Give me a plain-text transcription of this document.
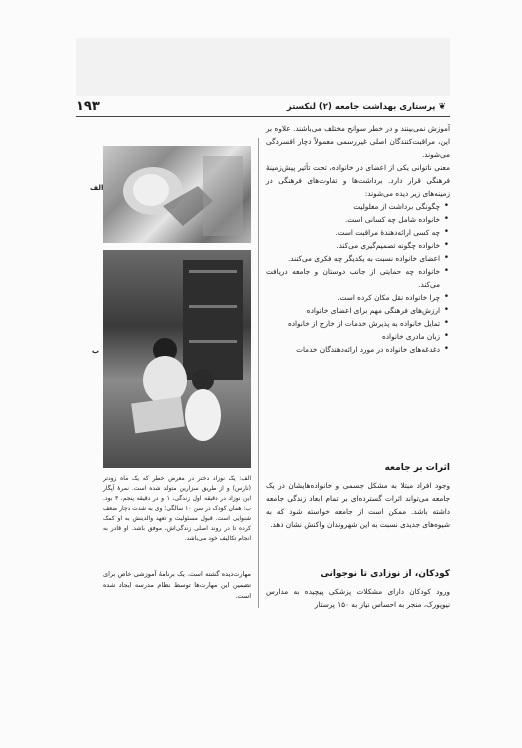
❦پرستاری بهداشت جامعه (۲) لنکستر
۱۹۳

آموزش نمی‌بینند و در خطر سوانح مختلف می‌باشند. علاوه بر این، مراقبت‌کنندگان اصلی غیررسمی معمولاً دچار افسردگی می‌شوند.

معنی ناتوانی یکی از اعضای در خانواده، تحت تأثیر پیش‌زمینهٔ فرهنگی قرار دارد. برداشت‌ها و تفاوت‌های فرهنگی در زمینه‌های زیر دیده می‌شوند:

• چگونگی برداشت از معلولیت
• خانواده شامل چه کسانی است.
• چه کسی ارائه‌دهندهٔ مراقبت است.
• خانواده چگونه تصمیم‌گیری می‌کند.
• اعضای خانواده نسبت به یکدیگر چه فکری می‌کنند.
• خانواده چه حمایتی از جانب دوستان و جامعه دریافت می‌کند.
• چرا خانواده نقل مکان کرده است.
• ارزش‌های فرهنگی مهم برای اعضای خانواده
• تمایل خانواده به پذیرش خدمات از خارج از خانواده
• زبان مادری خانواده
• دغدغه‌های خانواده در مورد ارائه‌دهندگان خدمات
اثرات بر جامعه

وجود افراد مبتلا به مشکل جسمی و خانواده‌هایشان در یک جامعه می‌تواند اثرات گسترده‌ای بر تمام ابعاد زندگی جامعه داشته باشد. ممکن است از جامعه خواسته شود که به شیوه‌های جدیدی نسبت به این شهروندان واکنش نشان دهد.

کودکان، از نوزادی تا نوجوانی

ورود کودکان دارای مشکلات پزشکی پیچیده به مدارس نیوپورک، منجر به احساس نیاز به ۱۵۰ پرستار

الف
ب
الف: یک نوزاد دختر در معرض خطر که یک ماه زودتر (نارس) و از طریق سزارین متولد شده است. نمرهٔ آپگار این نوزاد در دقیقه اول زندگی، ۱ و در دقیقه پنجم، ۳ بود. ب: همان کودک در سن ۱۰ سالگی؛ وی به شدت دچار ضعف شنوایی است. قبول مسئولیت و تعهد والدینش به او کمک کرده تا در روند اصلی زندگی‌اش، موفق باشد. او قادر به انجام تکالیف خود می‌باشد.
مهارت‌دیده گشته است. یک برنامهٔ آموزشی خاص برای تضمین این مهارت‌ها توسط نظام مدرسه ایجاد شده است.
